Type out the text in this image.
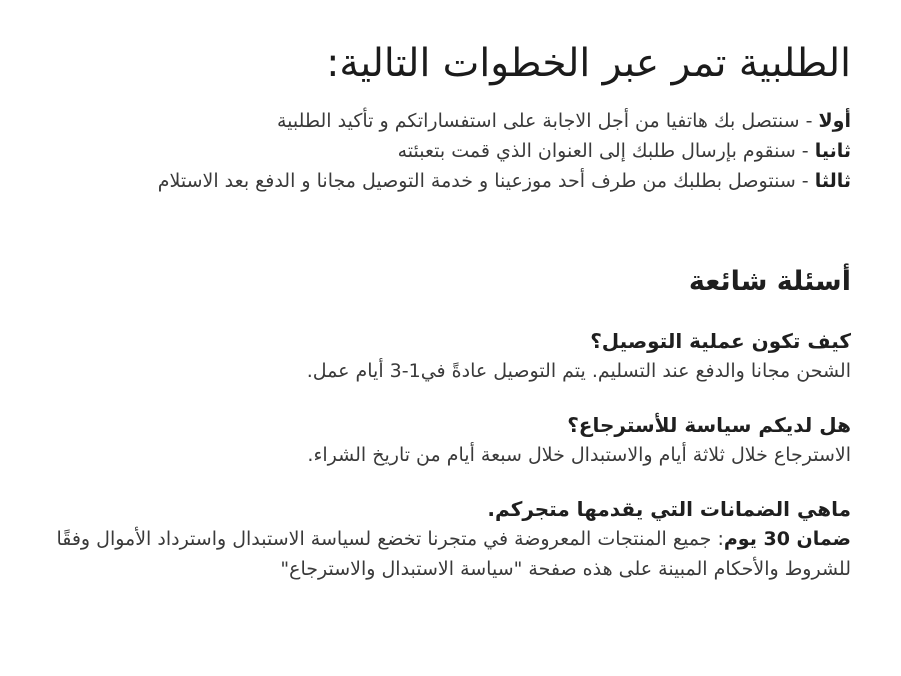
الطلبية تمر عبر الخطوات التالية:
أولا - سنتصل بك هاتفيا من أجل الاجابة على استفساراتكم و تأكيد الطلبية
ثانيا - سنقوم بإرسال طلبك إلى العنوان الذي قمت بتعبئته
ثالثا - سنتوصل بطلبك من طرف أحد موزعينا و خدمة التوصيل مجانا و الدفع بعد الاستلام
أسئلة شائعة

كيف تكون عملية التوصيل؟

الشحن مجانا والدفع عند التسليم. يتم التوصيل عادةً في1-3 أيام عمل.

هل لديكم سياسة للأسترجاع؟

الاسترجاع خلال ثلاثة أيام والاستبدال خلال سبعة أيام من تاريخ الشراء.

ماهي الضمانات التي يقدمها متجركم.

ضمان 30 يوم: جميع المنتجات المعروضة في متجرنا تخضع لسياسة الاستبدال واسترداد الأموال وفقًا للشروط والأحكام المبينة على هذه صفحة "سياسة الاستبدال والاسترجاع"
